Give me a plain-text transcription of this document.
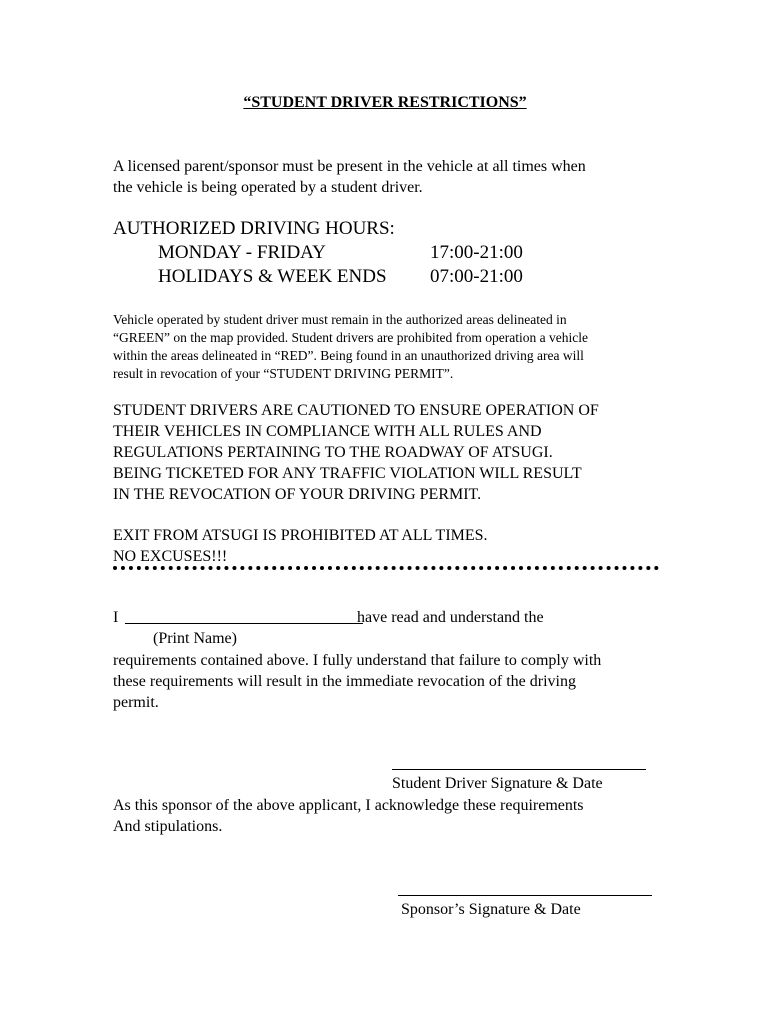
“STUDENT DRIVER RESTRICTIONS”
A licensed parent/sponsor must be present in the vehicle at all times when
the vehicle is being operated by a student driver.
AUTHORIZED DRIVING HOURS:
MONDAY - FRIDAY	17:00-21:00
HOLIDAYS & WEEK ENDS 07:00-21:00
Vehicle operated by student driver must remain in the authorized areas delineated in
“GREEN” on the map provided. Student drivers are prohibited from operation a vehicle
within the areas delineated in “RED”. Being found in an unauthorized driving area will
result in revocation of your “STUDENT DRIVING PERMIT”.
STUDENT DRIVERS ARE CAUTIONED TO ENSURE OPERATION OF
THEIR VEHICLES IN COMPLIANCE WITH ALL RULES AND
REGULATIONS PERTAINING TO THE ROADWAY OF ATSUGI.
BEING TICKETED FOR ANY TRAFFIC VIOLATION WILL RESULT
IN THE REVOCATION OF YOUR DRIVING PERMIT.
EXIT FROM ATSUGI IS PROHIBITED AT ALL TIMES.
NO EXCUSES!!!
I	have read and understand the
(Print Name)
requirements contained above. I fully understand that failure to comply with
these requirements will result in the immediate revocation of the driving
permit.
Student Driver Signature & Date
As this sponsor of the above applicant, I acknowledge these requirements
And stipulations.
Sponsor’s Signature & Date
